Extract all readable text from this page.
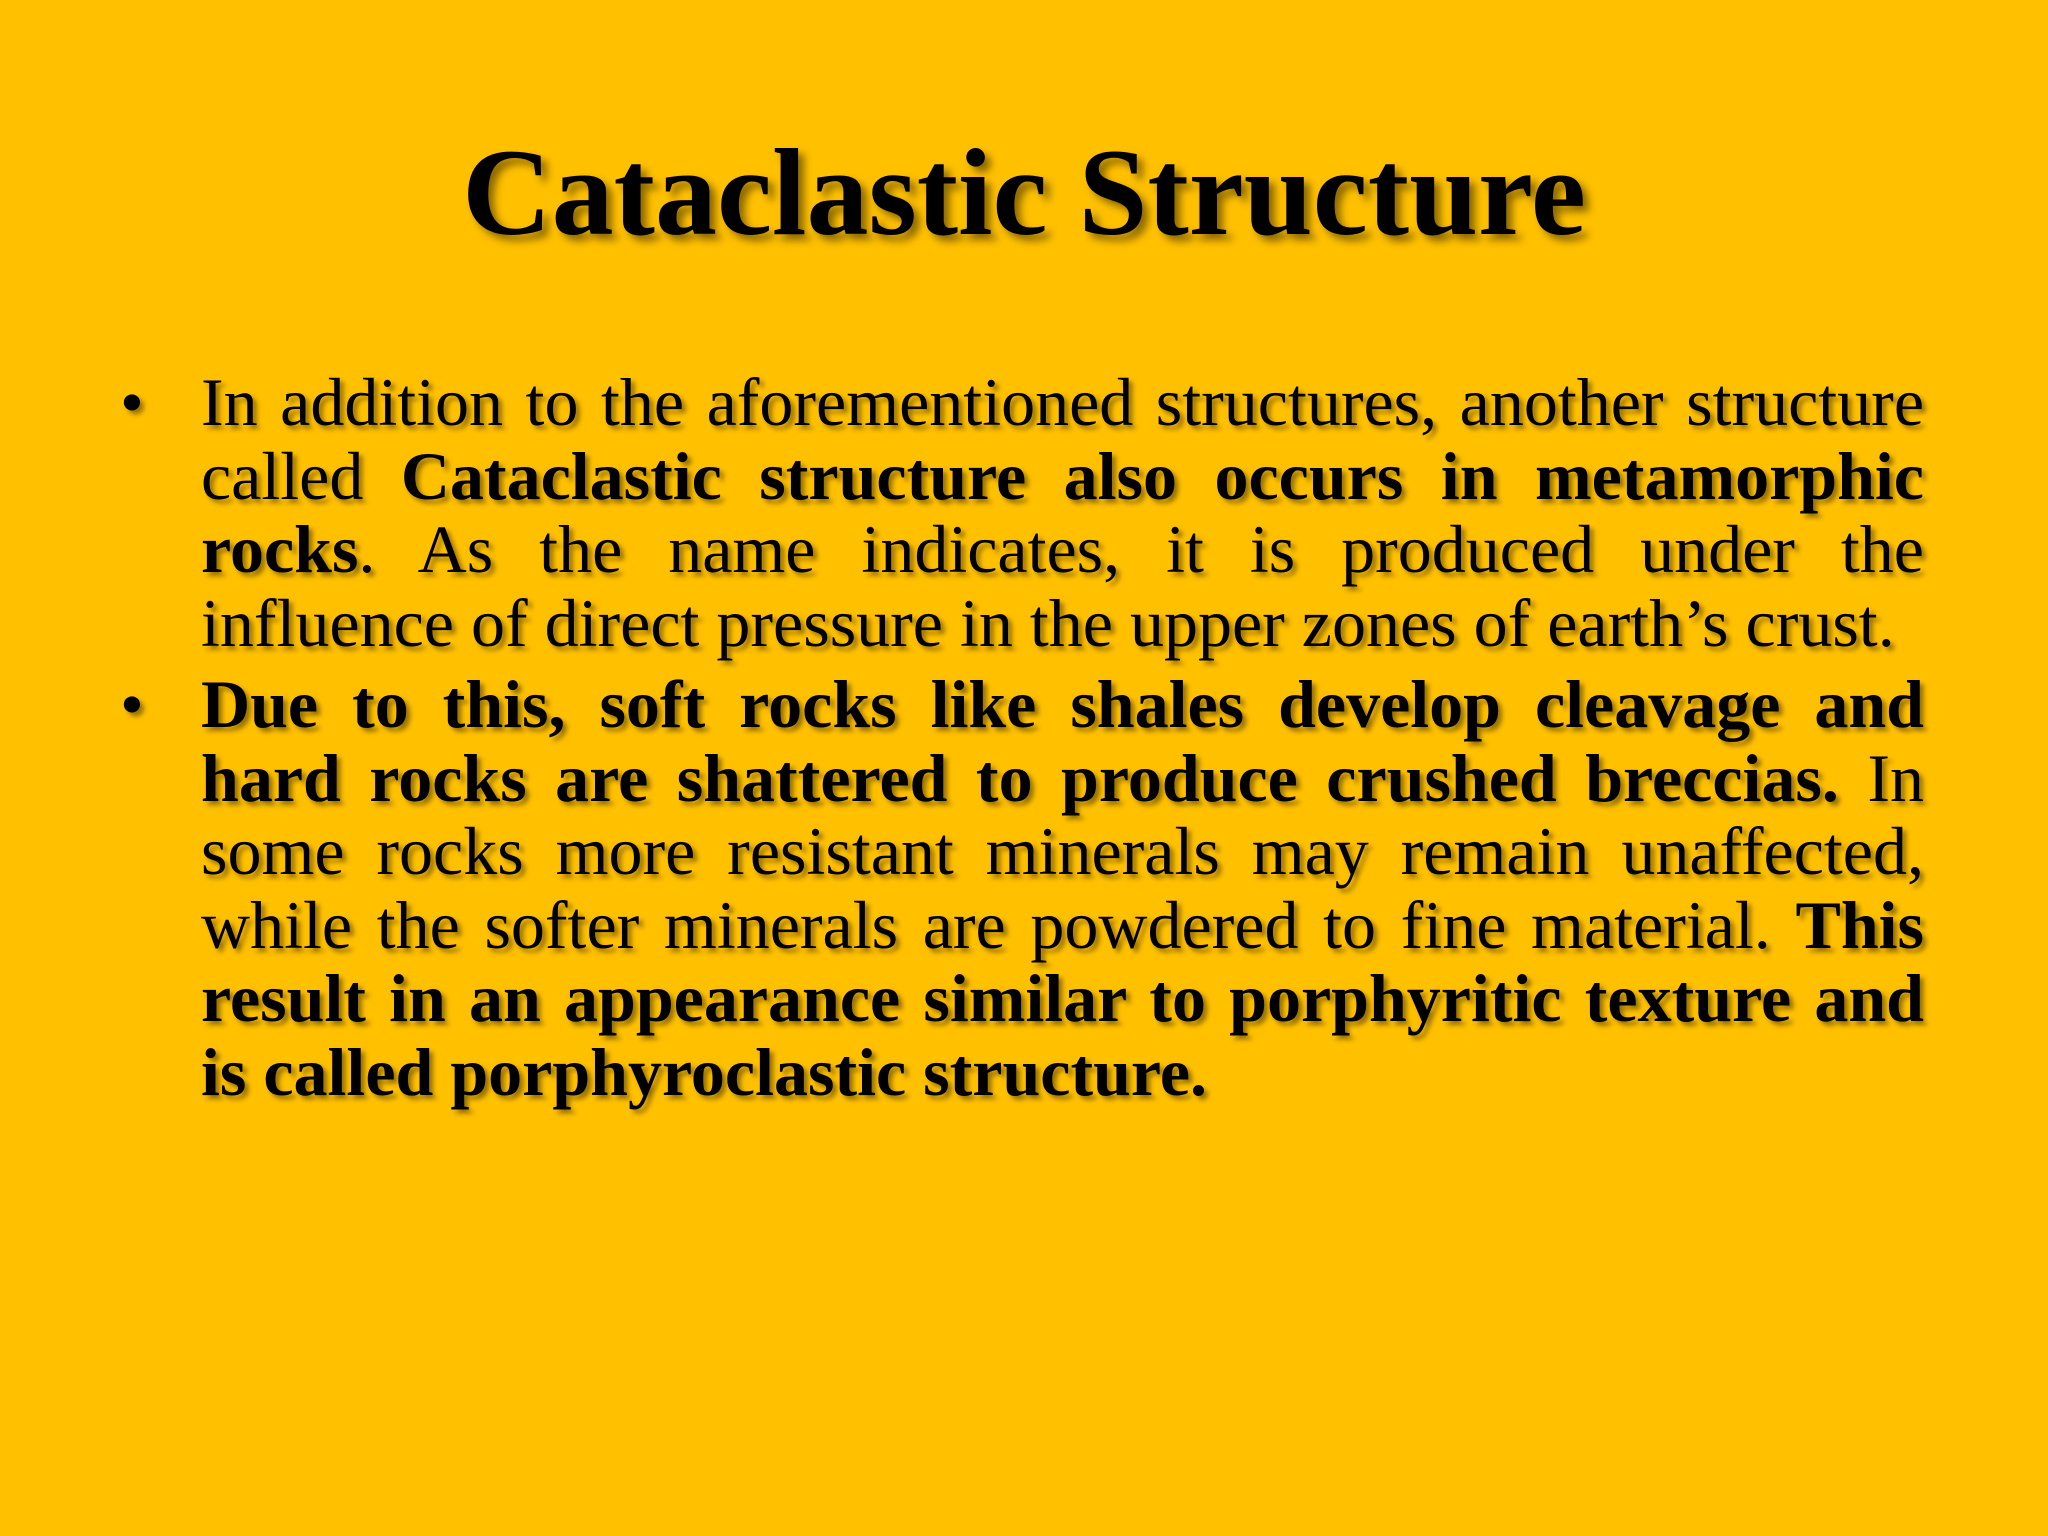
Cataclastic Structure
• In addition to the aforementioned structures, another structure called Cataclastic structure also occurs in metamorphic rocks. As the name indicates, it is produced under the influence of direct pressure in the upper zones of earth’s crust.
• Due to this, soft rocks like shales develop cleavage and hard rocks are shattered to produce crushed breccias. In some rocks more resistant minerals may remain unaffected, while the softer minerals are powdered to fine material. This result in an appearance similar to porphyritic texture and is called porphyroclastic structure.
